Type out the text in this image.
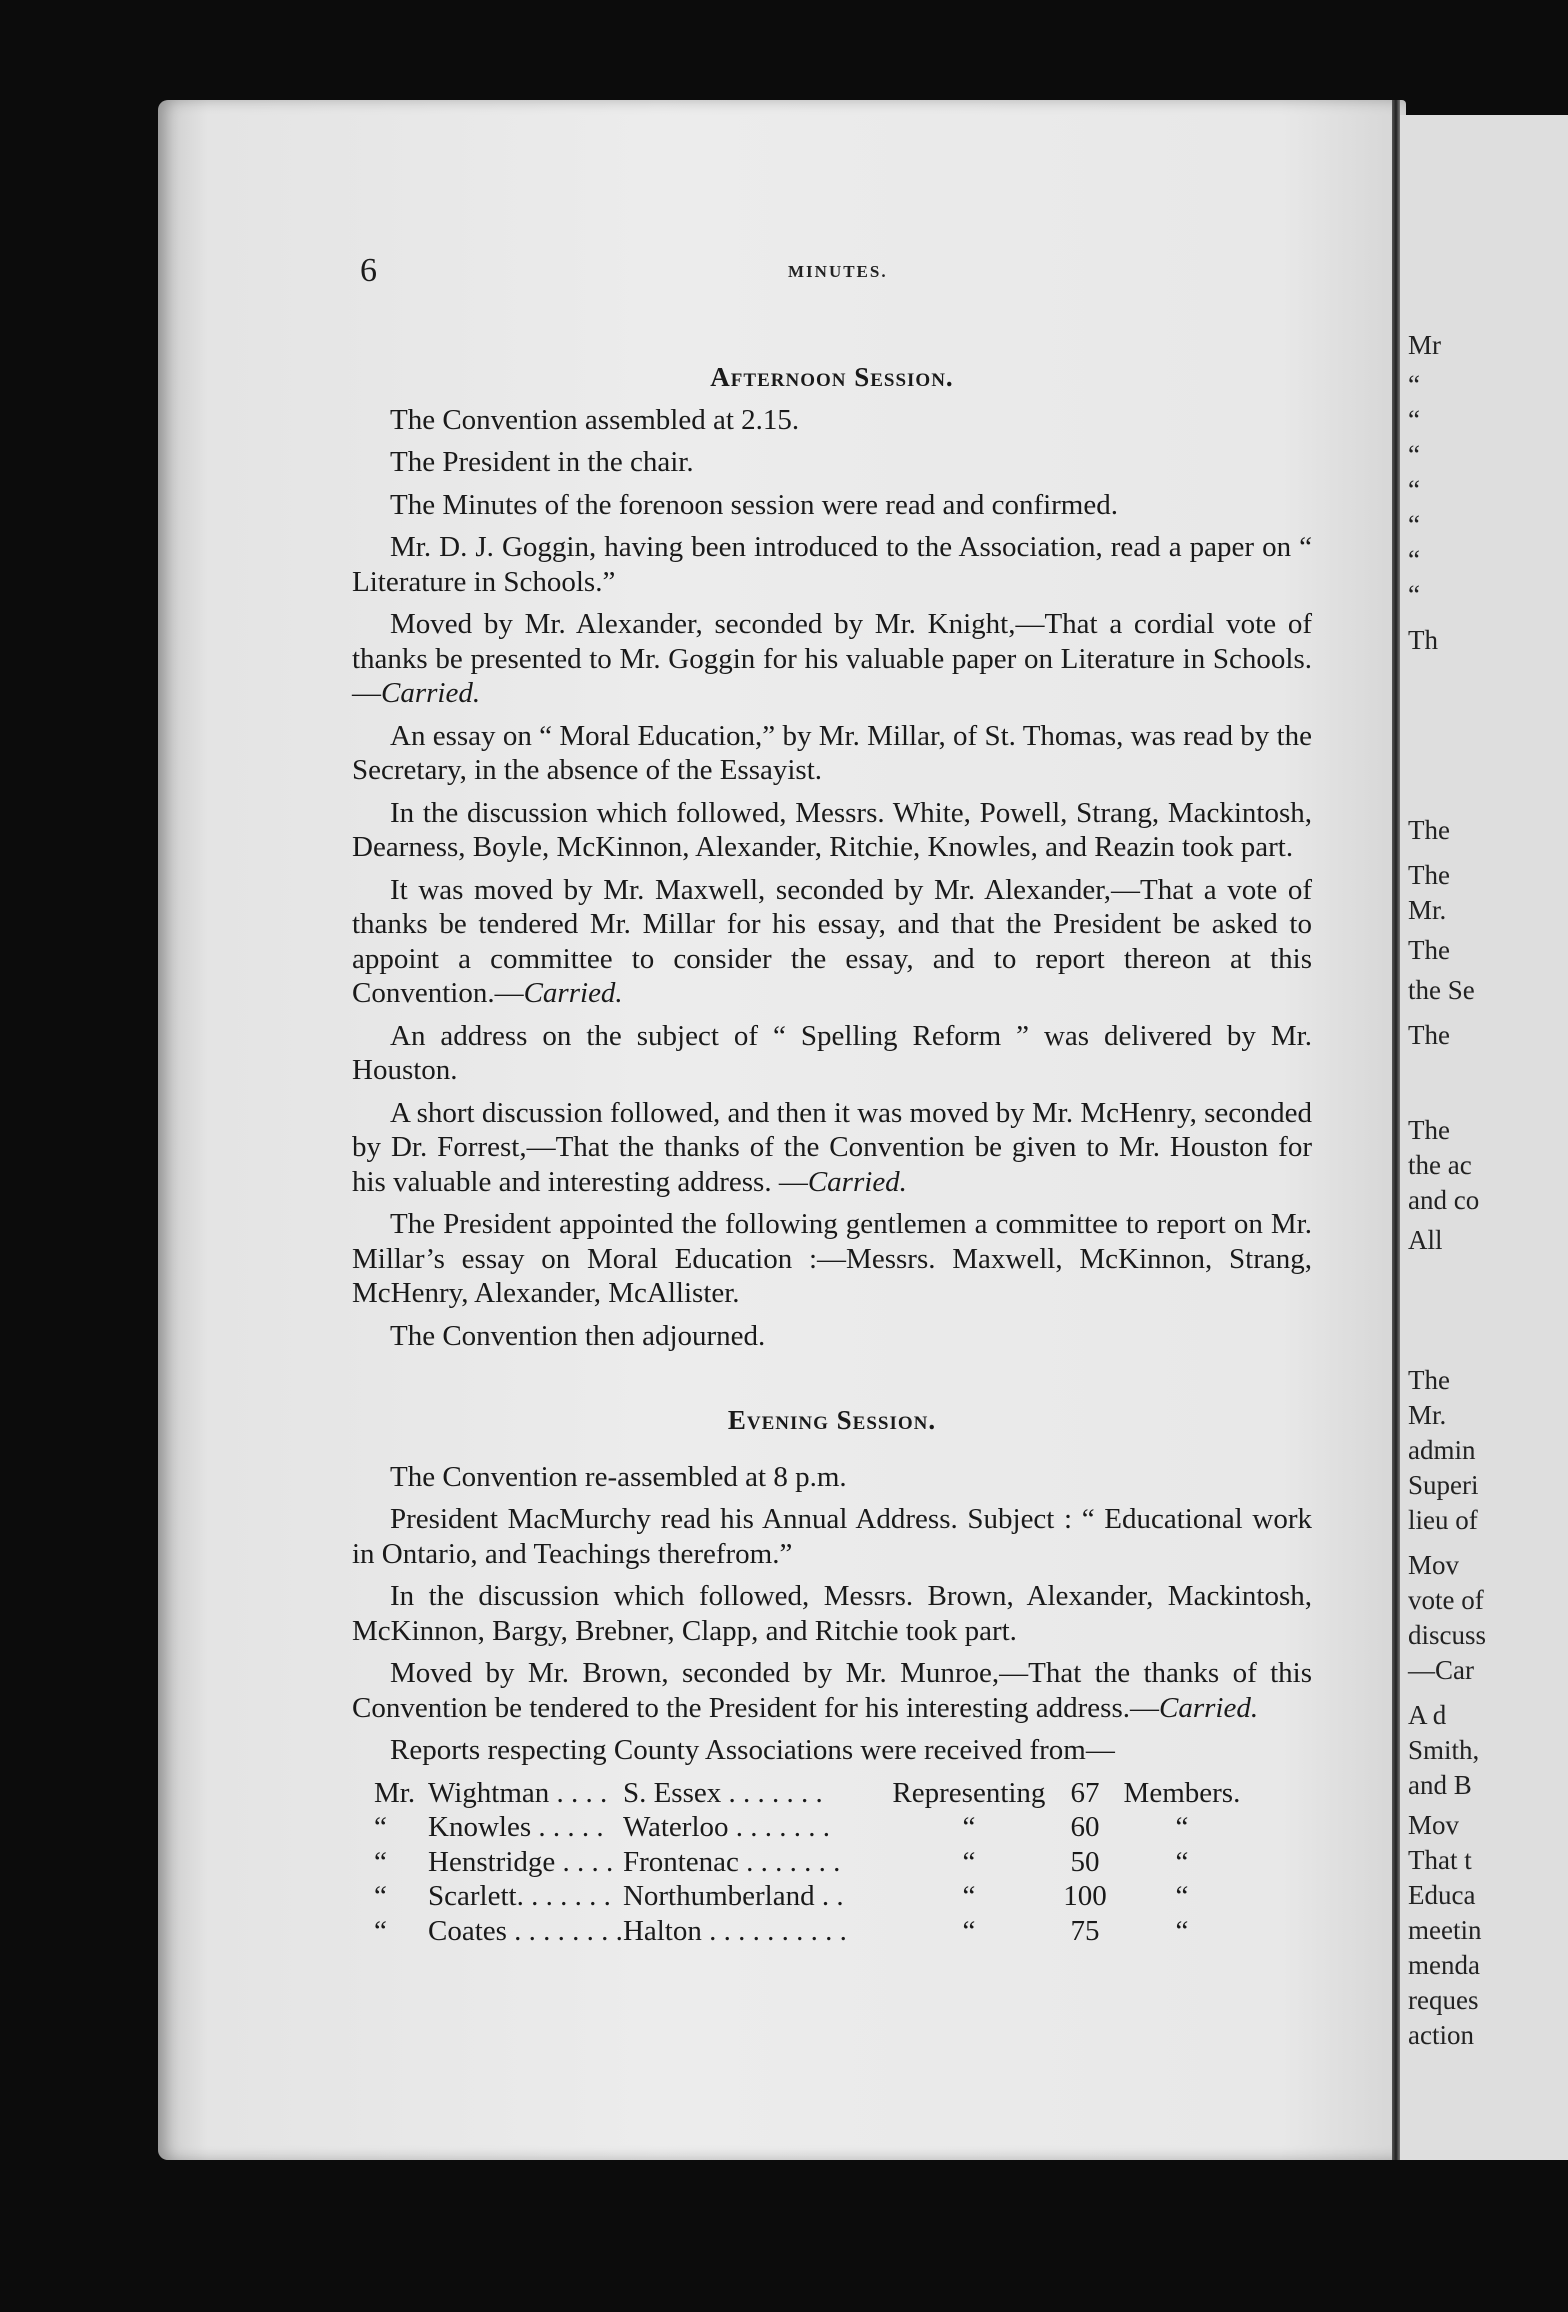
Mr
“
“
“
“
“
“
“
Th
The
The
Mr.
The
the Se
The
The
the ac
and co
All
The
Mr.
admin
Superi
lieu of
Mov
vote of
discuss
—Car
A d
Smith,
and B
Mov
That t
Educa
meetin
menda
reques
action
6	MINUTES.

Afternoon Session.

The Convention assembled at 2.15.

The President in the chair.

The Minutes of the forenoon session were read and confirmed.

Mr. D. J. Goggin, having been introduced to the Association, read a paper on “ Literature in Schools.”

Moved by Mr. Alexander, seconded by Mr. Knight,—That a cordial vote of thanks be presented to Mr. Goggin for his valuable paper on Literature in Schools.—Carried.

An essay on “ Moral Education,” by Mr. Millar, of St. Thomas, was read by the Secretary, in the absence of the Essayist.

In the discussion which followed, Messrs. White, Powell, Strang, Mackintosh, Dearness, Boyle, McKinnon, Alexander, Ritchie, Knowles, and Reazin took part.

It was moved by Mr. Maxwell, seconded by Mr. Alexander,—That a vote of thanks be tendered Mr. Millar for his essay, and that the President be asked to appoint a committee to consider the essay, and to report thereon at this Convention.—Carried.

An address on the subject of “ Spelling Reform ” was delivered by Mr. Houston.

A short discussion followed, and then it was moved by Mr. McHenry, seconded by Dr. Forrest,—That the thanks of the Convention be given to Mr. Houston for his valuable and interesting address. —Carried.

The President appointed the following gentlemen a committee to report on Mr. Millar’s essay on Moral Education :—Messrs. Maxwell, McKinnon, Strang, McHenry, Alexander, McAllister.

The Convention then adjourned.

Evening Session.

The Convention re-assembled at 8 p.m.

President MacMurchy read his Annual Address. Subject : “ Educational work in Ontario, and Teachings therefrom.”

In the discussion which followed, Messrs. Brown, Alexander, Mackintosh, McKinnon, Bargy, Brebner, Clapp, and Ritchie took part.

Moved by Mr. Brown, seconded by Mr. Munroe,—That the thanks of this Convention be tendered to the President for his interesting address.—Carried.

Reports respecting County Associations were received from—

Mr.	Wightman . . . .	S. Essex . . . . . . .	Representing	67	Members.
“	Knowles . . . . .	Waterloo . . . . . . .	“	60	“
“	Henstridge . . . .	Frontenac . . . . . . .	“	50	“
“	Scarlett. . . . . . .	Northumberland . .	“	100	“
“	Coates . . . . . . . .	Halton . . . . . . . . . .	“	75	“
